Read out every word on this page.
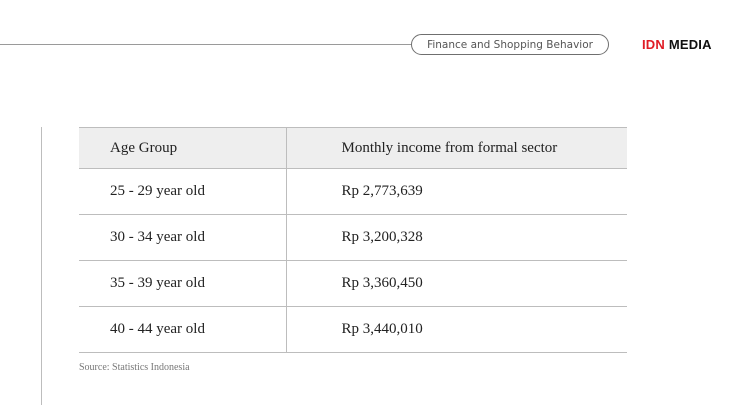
Finance and Shopping Behavior	IDN MEDIA
Age Group	Monthly income from formal sector
25 - 29 year old	Rp 2,773,639
30 - 34 year old	Rp 3,200,328
35 - 39 year old	Rp 3,360,450
40 - 44 year old	Rp 3,440,010
Source: Statistics Indonesia
